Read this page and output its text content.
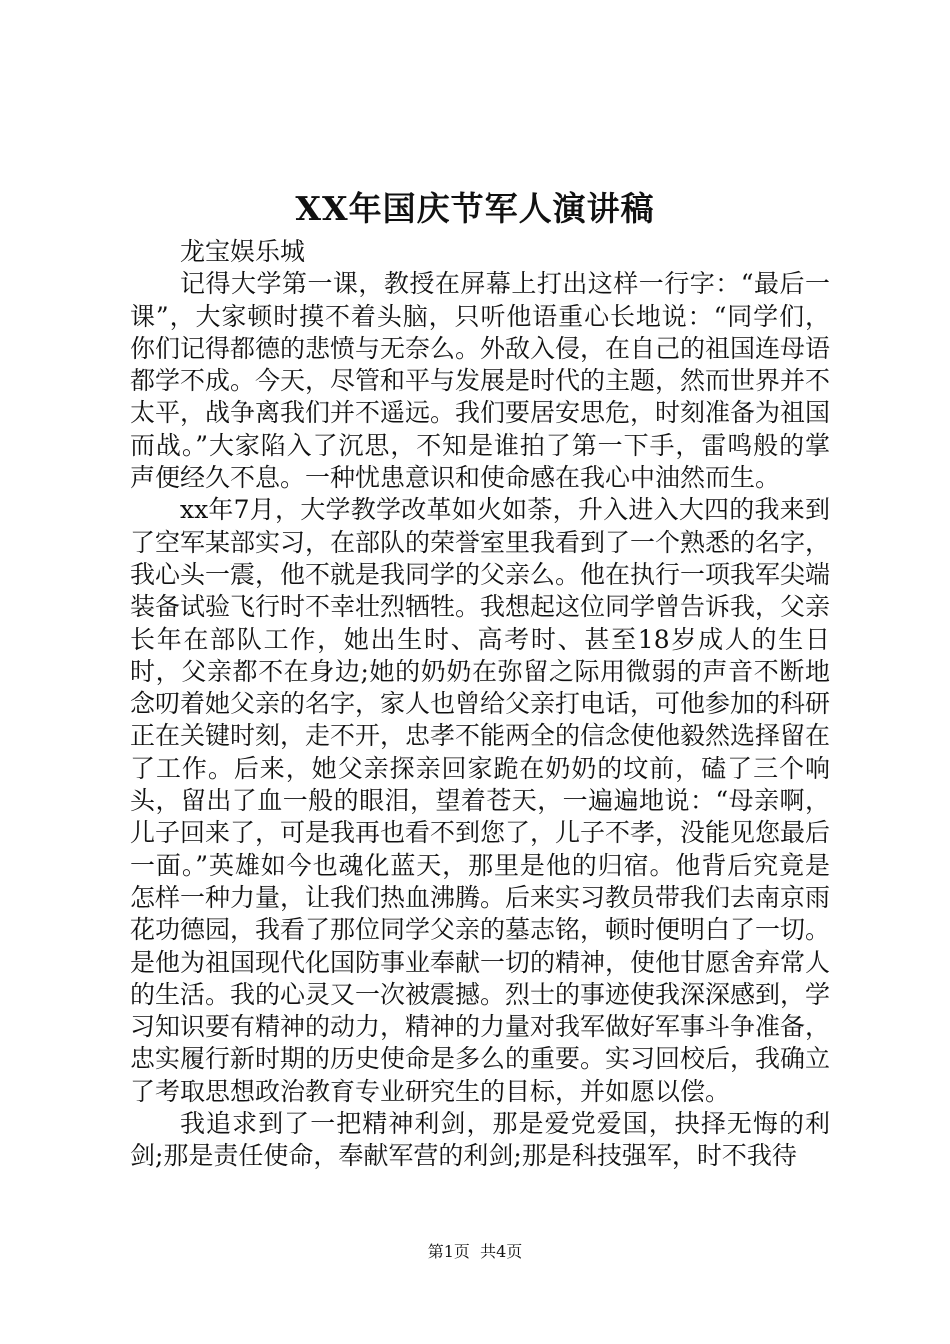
XX年国庆节军人演讲稿

龙宝娱乐城

记得大学第一课，教授在屏幕上打出这样一行字：“最后一课”，大家顿时摸不着头脑，只听他语重心长地说：“同学们，你们记得都德的悲愤与无奈么。外敌入侵，在自己的祖国连母语都学不成。今天，尽管和平与发展是时代的主题，然而世界并不太平，战争离我们并不遥远。我们要居安思危，时刻准备为祖国而战。”大家陷入了沉思，不知是谁拍了第一下手，雷鸣般的掌声便经久不息。一种忧患意识和使命感在我心中油然而生。

xx年7月，大学教学改革如火如荼，升入进入大四的我来到了空军某部实习，在部队的荣誉室里我看到了一个熟悉的名字，我心头一震，他不就是我同学的父亲么。他在执行一项我军尖端装备试验飞行时不幸壮烈牺牲。我想起这位同学曾告诉我，父亲长年在部队工作，她出生时、高考时、甚至18岁成人的生日时，父亲都不在身边;她的奶奶在弥留之际用微弱的声音不断地念叨着她父亲的名字，家人也曾给父亲打电话，可他参加的科研正在关键时刻，走不开，忠孝不能两全的信念使他毅然选择留在了工作。后来，她父亲探亲回家跪在奶奶的坟前，磕了三个响头，留出了血一般的眼泪，望着苍天，一遍遍地说：“母亲啊，儿子回来了，可是我再也看不到您了，儿子不孝，没能见您最后一面。”英雄如今也魂化蓝天，那里是他的归宿。他背后究竟是怎样一种力量，让我们热血沸腾。后来实习教员带我们去南京雨花功德园，我看了那位同学父亲的墓志铭，顿时便明白了一切。是他为祖国现代化国防事业奉献一切的精神，使他甘愿舍弃常人的生活。我的心灵又一次被震撼。烈士的事迹使我深深感到，学习知识要有精神的动力，精神的力量对我军做好军事斗争准备，忠实履行新时期的历史使命是多么的重要。实习回校后，我确立了考取思想政治教育专业研究生的目标，并如愿以偿。

我追求到了一把精神利剑，那是爱党爱国，抉择无悔的利剑;那是责任使命，奉献军营的利剑;那是科技强军，时不我待

第1页 共4页
